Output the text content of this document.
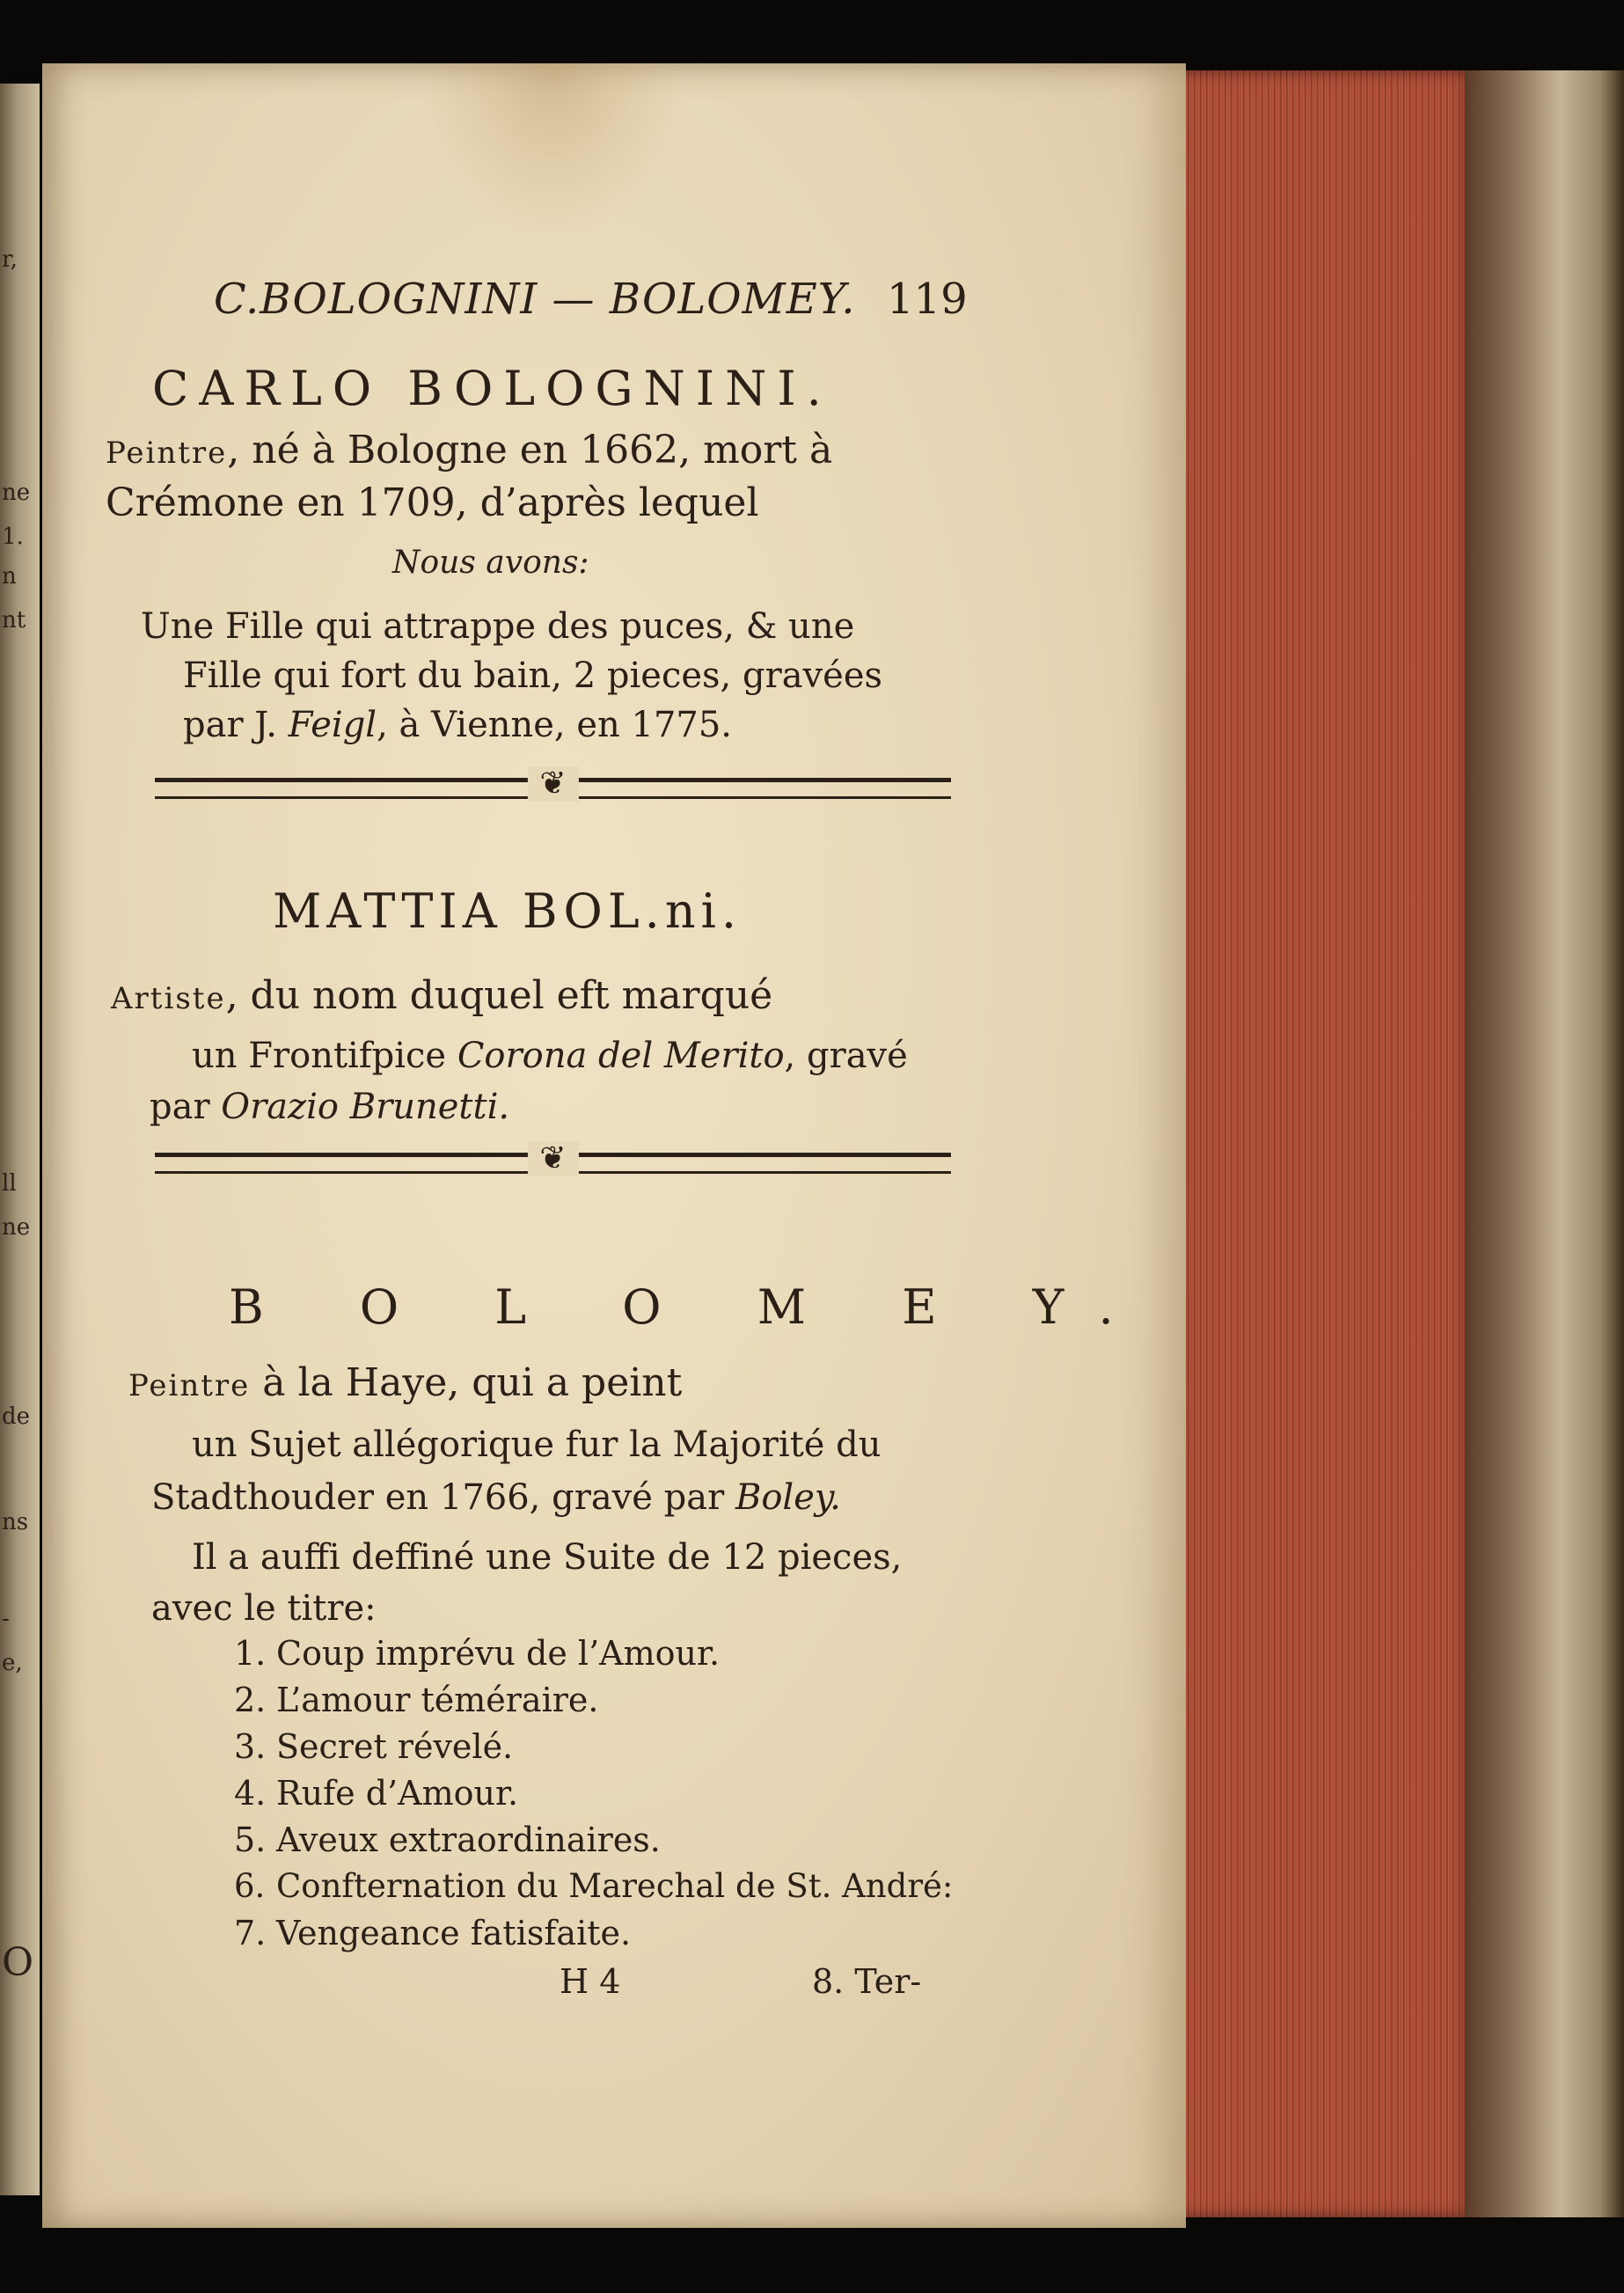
r,
ne
1.
n
nt
ll
ne
de
ns
-
e,
O
C.BOLOGNINI — BOLOMEY. 119
CARLO BOLOGNINI.
Peintre, né à Bologne en 1662, mort à
Crémone en 1709, d’après lequel
Nous avons:
Une Fille qui attrappe des puces, & une
Fille qui fort du bain, 2 pieces, gravées
par J. Feigl, à Vienne, en 1775.
❦
MATTIA BOL.ni.
Artiste, du nom duquel eft marqué
un Frontifpice Corona del Merito, gravé
par Orazio Brunetti.
❦
B O L O M E Y.
Peintre à la Haye, qui a peint
un Sujet allégorique fur la Majorité du
Stadthouder en 1766, gravé par Boley.
Il a auffi deffiné une Suite de 12 pieces,
avec le titre:
1. Coup imprévu de l’Amour.
2. L’amour téméraire.
3. Secret révelé.
4. Rufe d’Amour.
5. Aveux extraordinaires.
6. Confternation du Marechal de St. André:
7. Vengeance fatisfaite.
H 4	8. Ter-
